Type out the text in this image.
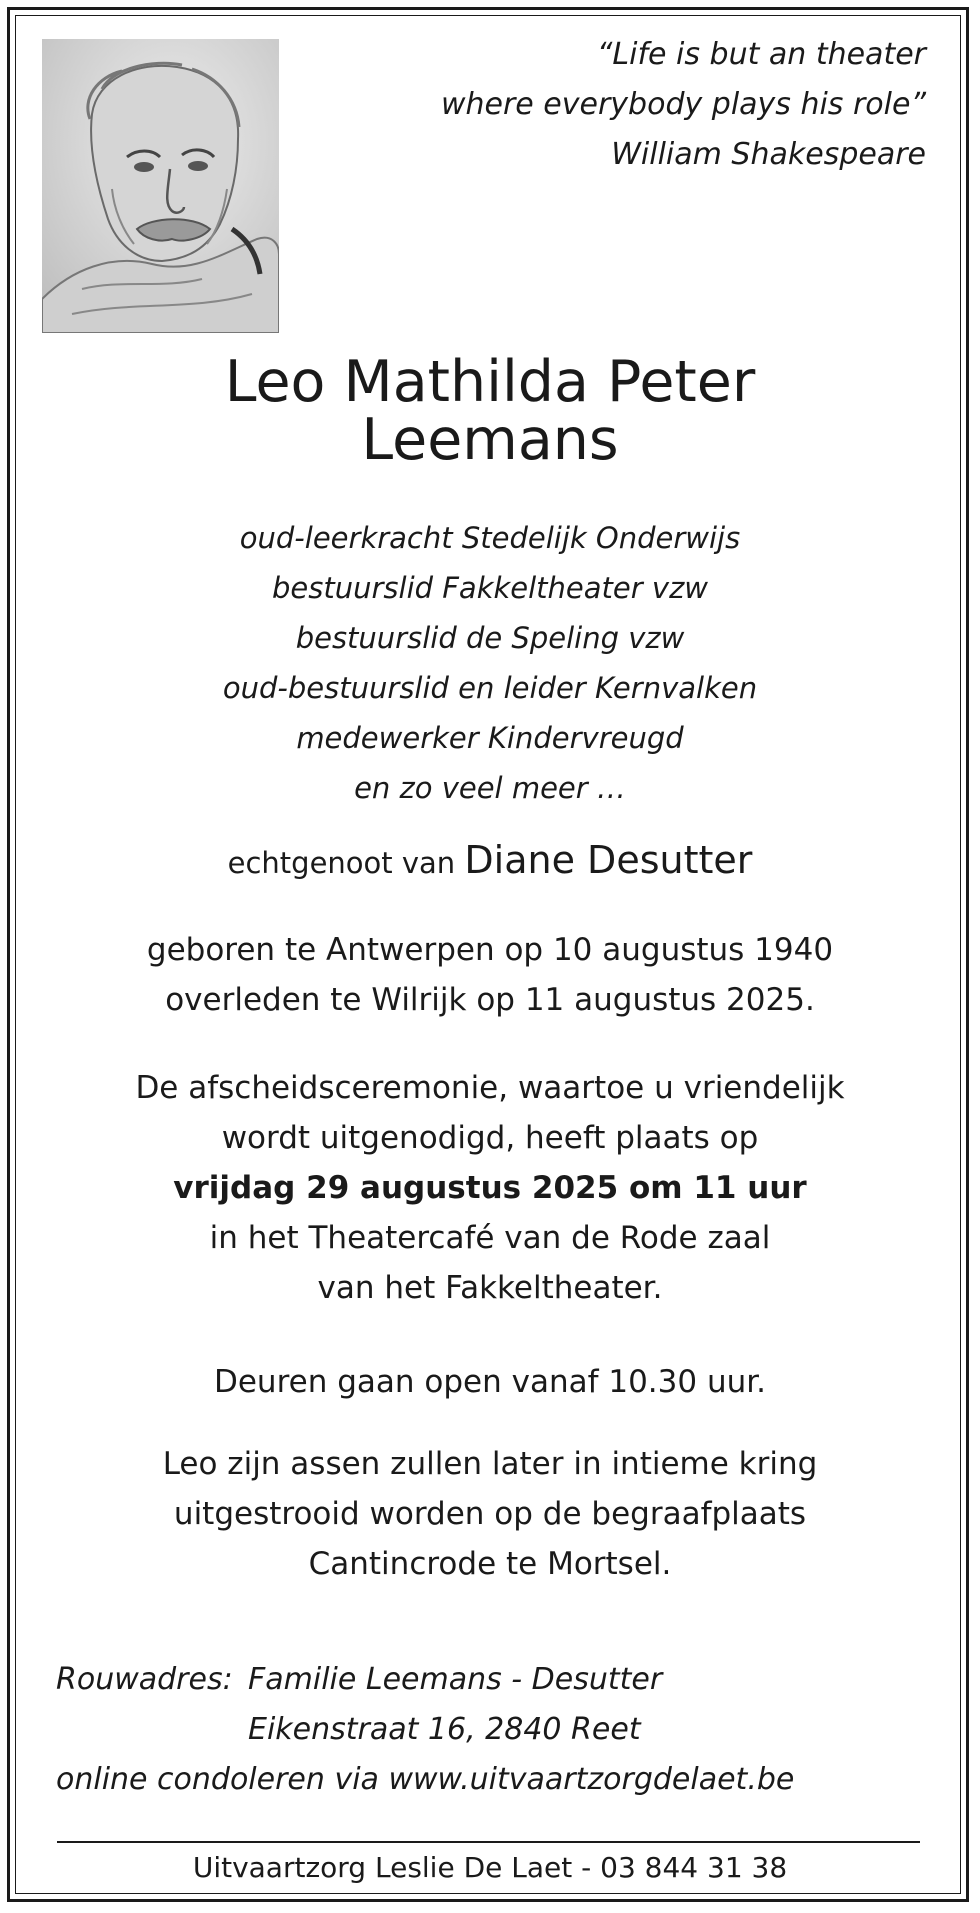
“Life is but an theater
where everybody plays his role”
William Shakespeare
Leo Mathilda Peter
Leemans
oud-leerkracht Stedelijk Onderwijs
bestuurslid Fakkeltheater vzw
bestuurslid de Speling vzw
oud-bestuurslid en leider Kernvalken
medewerker Kindervreugd
en zo veel meer …
echtgenoot van Diane Desutter
geboren te Antwerpen op 10 augustus 1940
overleden te Wilrijk op 11 augustus 2025.
De afscheidsceremonie, waartoe u vriendelijk
wordt uitgenodigd, heeft plaats op
vrijdag 29 augustus 2025 om 11 uur
in het Theatercafé van de Rode zaal
van het Fakkeltheater.
Deuren gaan open vanaf 10.30 uur.
Leo zijn assen zullen later in intieme kring
uitgestrooid worden op de begraafplaats
Cantincrode te Mortsel.
Rouwadres: Familie Leemans - Desutter
Eikenstraat 16, 2840 Reet
online condoleren via www.uitvaartzorgdelaet.be
Uitvaartzorg Leslie De Laet - 03 844 31 38
